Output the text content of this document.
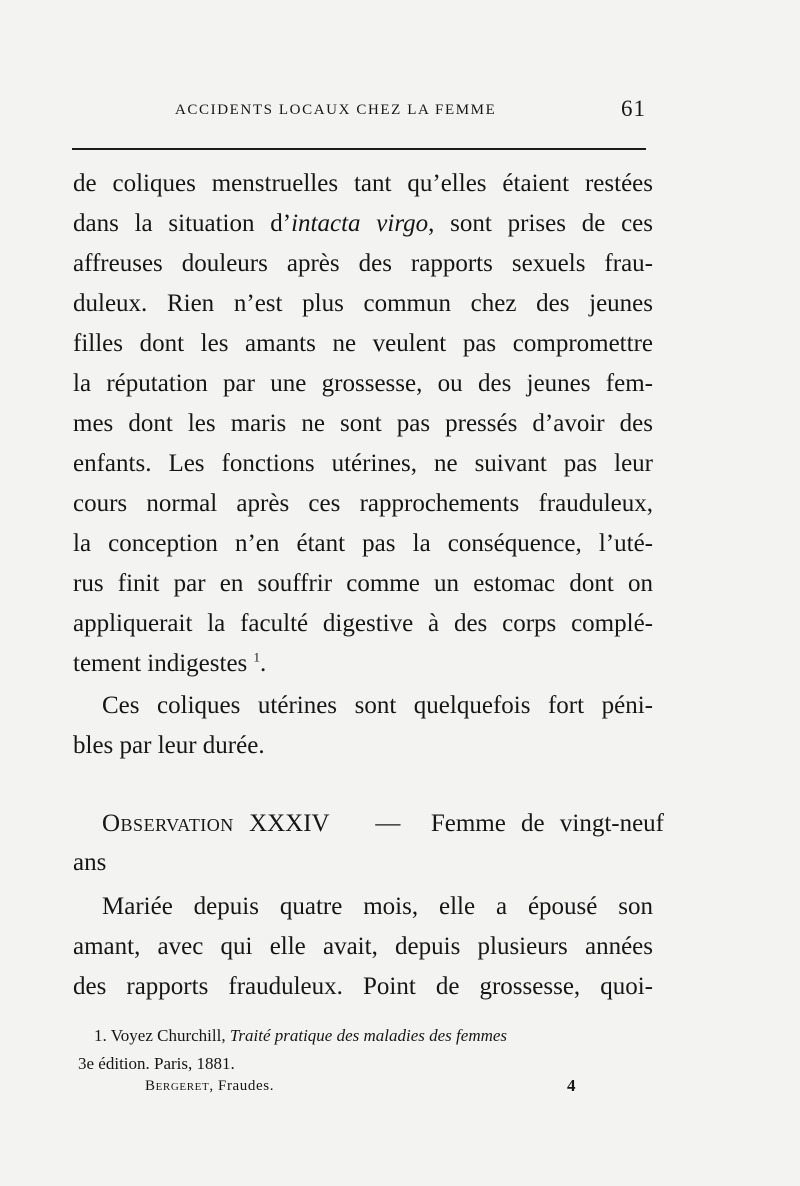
ACCIDENTS LOCAUX CHEZ LA FEMME	61
de coliques menstruelles tant qu’elles étaient restées
dans la situation d’intacta virgo, sont prises de ces
affreuses douleurs après des rapports sexuels frau-
duleux. Rien n’est plus commun chez des jeunes
filles dont les amants ne veulent pas compromettre
la réputation par une grossesse, ou des jeunes fem-
mes dont les maris ne sont pas pressés d’avoir des
enfants. Les fonctions utérines, ne suivant pas leur
cours normal après ces rapprochements frauduleux,
la conception n’en étant pas la conséquence, l’uté-
rus finit par en souffrir comme un estomac dont on
appliquerait la faculté digestive à des corps complé-
tement indigestes $^1$.
Ces coliques utérines sont quelquefois fort péni-
bles par leur durée.
Observation XXXIV — Femme de vingt-neuf
ans
Mariée depuis quatre mois, elle a épousé son
amant, avec qui elle avait, depuis plusieurs années
des rapports frauduleux. Point de grossesse, quoi-
1. Voyez Churchill, Traité pratique des maladies des femmes
3e édition. Paris, 1881.
Bergeret, Fraudes.	4
